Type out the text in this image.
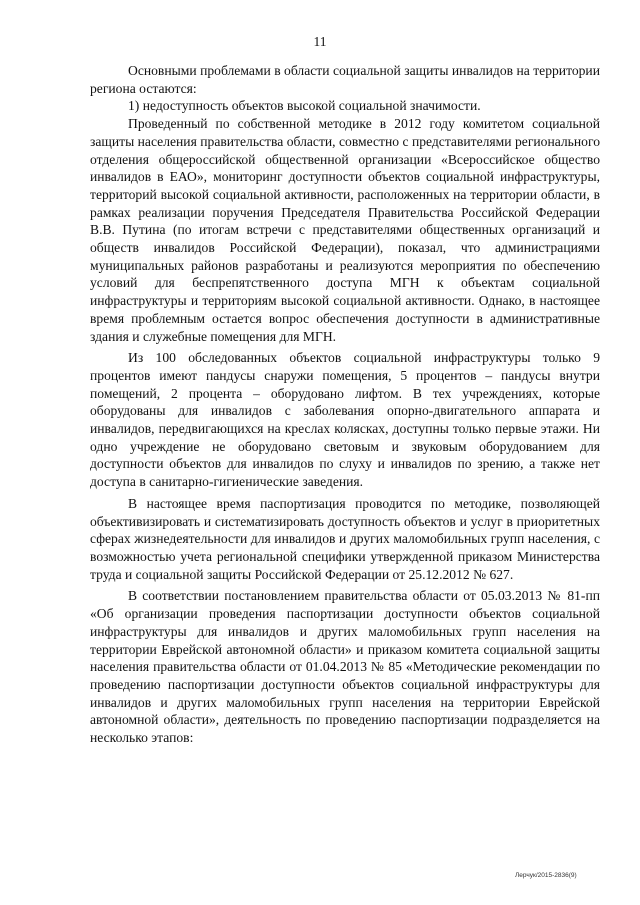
11

Основными проблемами в области социальной защиты инвалидов на территории региона остаются:

1) недоступность объектов высокой социальной значимости.

Проведенный по собственной методике в 2012 году комитетом социальной защиты населения правительства области, совместно с представителями регионального отделения общероссийской общественной организации «Всероссийское общество инвалидов в ЕАО», мониторинг доступности объектов социальной инфраструктуры, территорий высокой социальной активности, расположенных на территории области, в рамках реализации поручения Председателя Правительства Российской Федерации В.В. Путина (по итогам встречи с представителями общественных организаций и обществ инвалидов Российской Федерации), показал, что администрациями муниципальных районов разработаны и реализуются мероприятия по обеспечению условий для беспрепятственного доступа МГН к объектам социальной инфраструктуры и территориям высокой социальной активности. Однако, в настоящее время проблемным остается вопрос обеспечения доступности в административные здания и служебные помещения для МГН.

Из 100 обследованных объектов социальной инфраструктуры только 9 процентов имеют пандусы снаружи помещения, 5 процентов – пандусы внутри помещений, 2 процента – оборудовано лифтом. В тех учреждениях, которые оборудованы для инвалидов с заболевания опорно-двигательного аппарата и инвалидов, передвигающихся на креслах колясках, доступны только первые этажи. Ни одно учреждение не оборудовано световым и звуковым оборудованием для доступности объектов для инвалидов по слуху и инвалидов по зрению, а также нет доступа в санитарно-гигиенические заведения.

В настоящее время паспортизация проводится по методике, позволяющей объективизировать и систематизировать доступность объектов и услуг в приоритетных сферах жизнедеятельности для инвалидов и других маломобильных групп населения, с возможностью учета региональной специфики утвержденной приказом Министерства труда и социальной защиты Российской Федерации от 25.12.2012 № 627.

В соответствии постановлением правительства области от 05.03.2013 № 81-пп «Об организации проведения паспортизации доступности объектов социальной инфраструктуры для инвалидов и других маломобильных групп населения на территории Еврейской автономной области» и приказом комитета социальной защиты населения правительства области от 01.04.2013 № 85 «Методические рекомендации по проведению паспортизации доступности объектов социальной инфраструктуры для инвалидов и других маломобильных групп населения на территории Еврейской автономной области», деятельность по проведению паспортизации подразделяется на несколько этапов:

Лерчук/2015-2836(9)
